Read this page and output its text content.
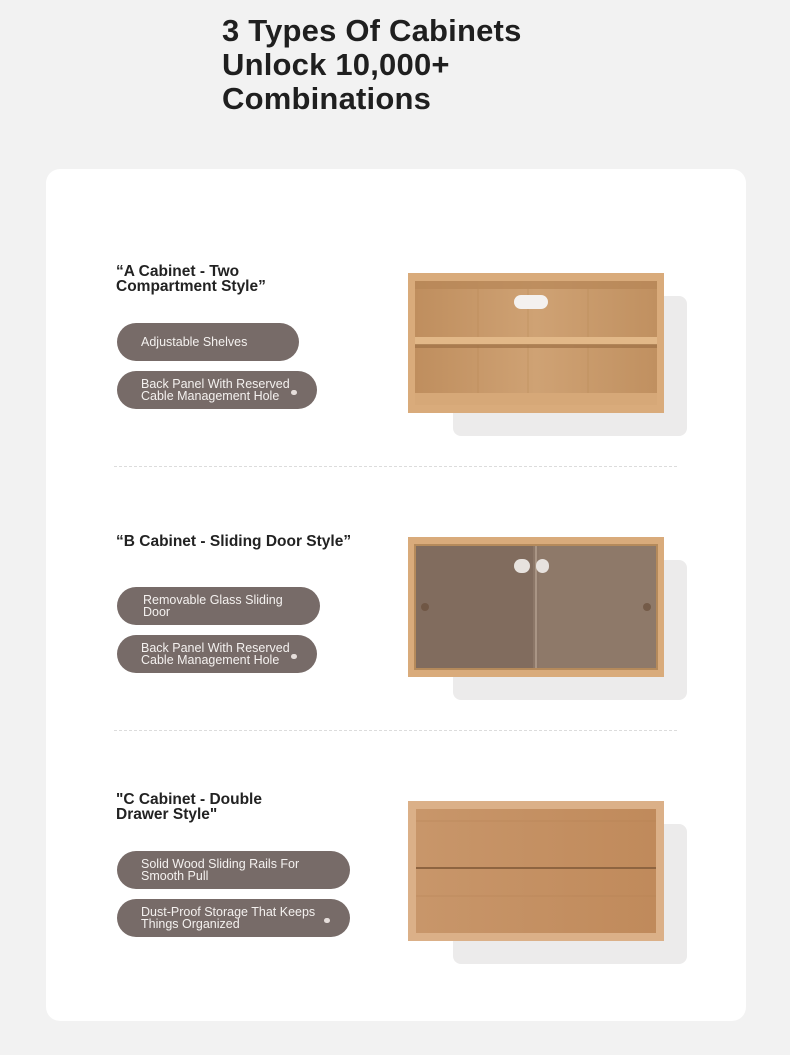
3 Types Of Cabinets
Unlock 10,000+
Combinations
“A Cabinet - Two
Compartment Style”
Adjustable Shelves
Back Panel With Reserved
Cable Management Hole
“B Cabinet - Sliding Door Style”
Removable Glass Sliding Door
Back Panel With Reserved
Cable Management Hole
"C Cabinet - Double
Drawer Style"
Solid Wood Sliding Rails For
Smooth Pull
Dust-Proof Storage That Keeps
Things Organized
